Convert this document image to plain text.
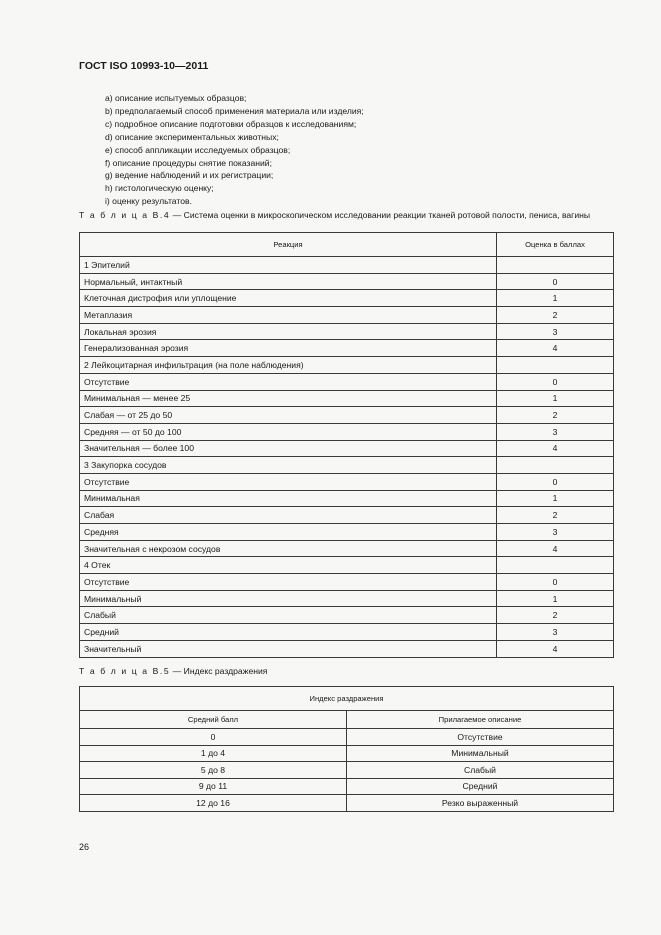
ГОСТ ISO 10993-10—2011
a) описание испытуемых образцов;
b) предполагаемый способ применения материала или изделия;
c) подробное описание подготовки образцов к исследованиям;
d) описание экспериментальных животных;
e) способ аппликации исследуемых образцов;
f) описание процедуры снятие показаний;
g) ведение наблюдений и их регистрации;
h) гистологическую оценку;
i) оценку результатов.
Т а б л и ц а В.4 — Система оценки в микроскопическом исследовании реакции тканей ротовой полости, пениса, вагины
Реакция	Оценка в баллах
1 Эпителий	
Нормальный, интактный	0
Клеточная дистрофия или уплощение	1
Метаплазия	2
Локальная эрозия	3
Генерализованная эрозия	4
2 Лейкоцитарная инфильтрация (на поле наблюдения)	
Отсутствие	0
Минимальная — менее 25	1
Слабая — от 25 до 50	2
Средняя — от 50 до 100	3
Значительная — более 100	4
3 Закупорка сосудов	
Отсутствие	0
Минимальная	1
Слабая	2
Средняя	3
Значительная с некрозом сосудов	4
4 Отек	
Отсутствие	0
Минимальный	1
Слабый	2
Средний	3
Значительный	4
Т а б л и ц а В.5 — Индекс раздражения
Индекс раздражения	
Средний балл	Прилагаемое описание
0	Отсутствие
1 до 4	Минимальный
5 до 8	Слабый
9 до 11	Средний
12 до 16	Резко выраженный
26
